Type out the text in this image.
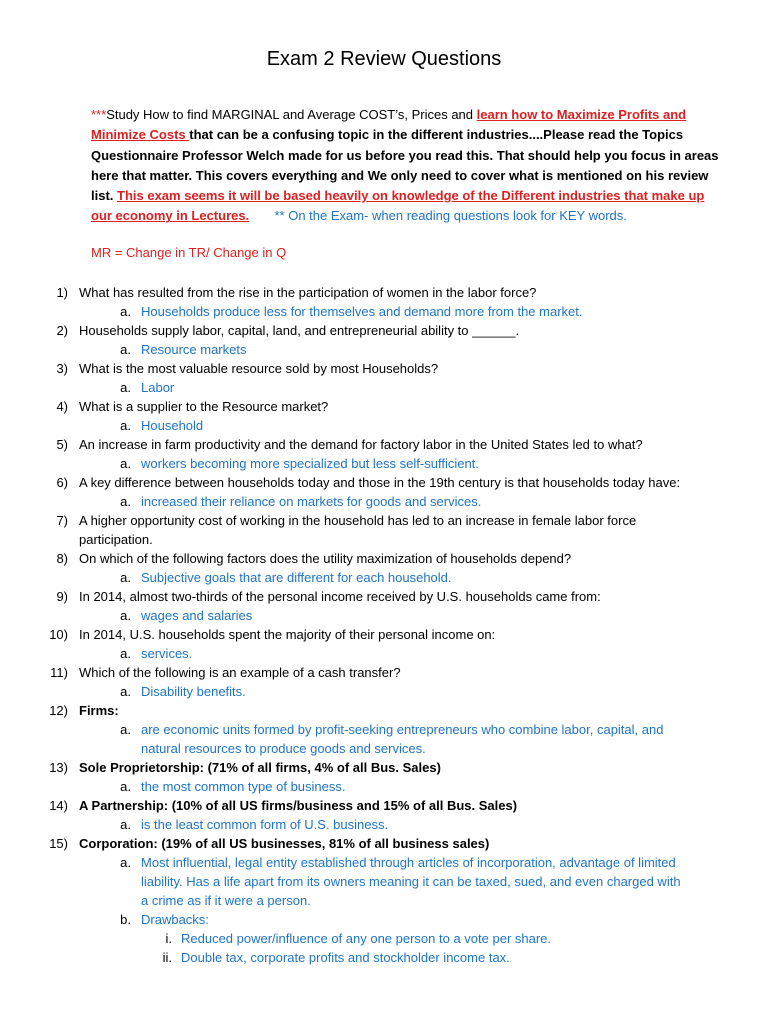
Exam 2 Review Questions
***Study How to find MARGINAL and Average COST’s, Prices and learn how to Maximize Profits and Minimize Costs that can be a confusing topic in the different industries....Please read the Topics Questionnaire Professor Welch made for us before you read this. That should help you focus in areas here that matter. This covers everything and We only need to cover what is mentioned on his review list. This exam seems it will be based heavily on knowledge of the Different industries that make up our economy in Lectures. ** On the Exam- when reading questions look for KEY words.
MR = Change in TR/ Change in Q
1) What has resulted from the rise in the participation of women in the labor force?
a. Households produce less for themselves and demand more from the market.
2) Households supply labor, capital, land, and entrepreneurial ability to ______.
a. Resource markets
3) What is the most valuable resource sold by most Households?
a. Labor
4) What is a supplier to the Resource market?
a. Household
5) An increase in farm productivity and the demand for factory labor in the United States led to what?
a. workers becoming more specialized but less self-sufficient.
6) A key difference between households today and those in the 19th century is that households today have:
a. increased their reliance on markets for goods and services.
7) A higher opportunity cost of working in the household has led to an increase in female labor force
participation.
8) On which of the following factors does the utility maximization of households depend?
a. Subjective goals that are different for each household.
9) In 2014, almost two-thirds of the personal income received by U.S. households came from:
a. wages and salaries
10) In 2014, U.S. households spent the majority of their personal income on:
a. services.
11) Which of the following is an example of a cash transfer?
a. Disability benefits.
12) Firms:
a. are economic units formed by profit-seeking entrepreneurs who combine labor, capital, and
natural resources to produce goods and services.
13) Sole Proprietorship: (71% of all firms, 4% of all Bus. Sales)
a. the most common type of business.
14) A Partnership: (10% of all US firms/business and 15% of all Bus. Sales)
a. is the least common form of U.S. business.
15) Corporation: (19% of all US businesses, 81% of all business sales)
a. Most influential, legal entity established through articles of incorporation, advantage of limited
liability. Has a life apart from its owners meaning it can be taxed, sued, and even charged with
a crime as if it were a person.
b. Drawbacks:
i. Reduced power/influence of any one person to a vote per share.
ii. Double tax, corporate profits and stockholder income tax.
